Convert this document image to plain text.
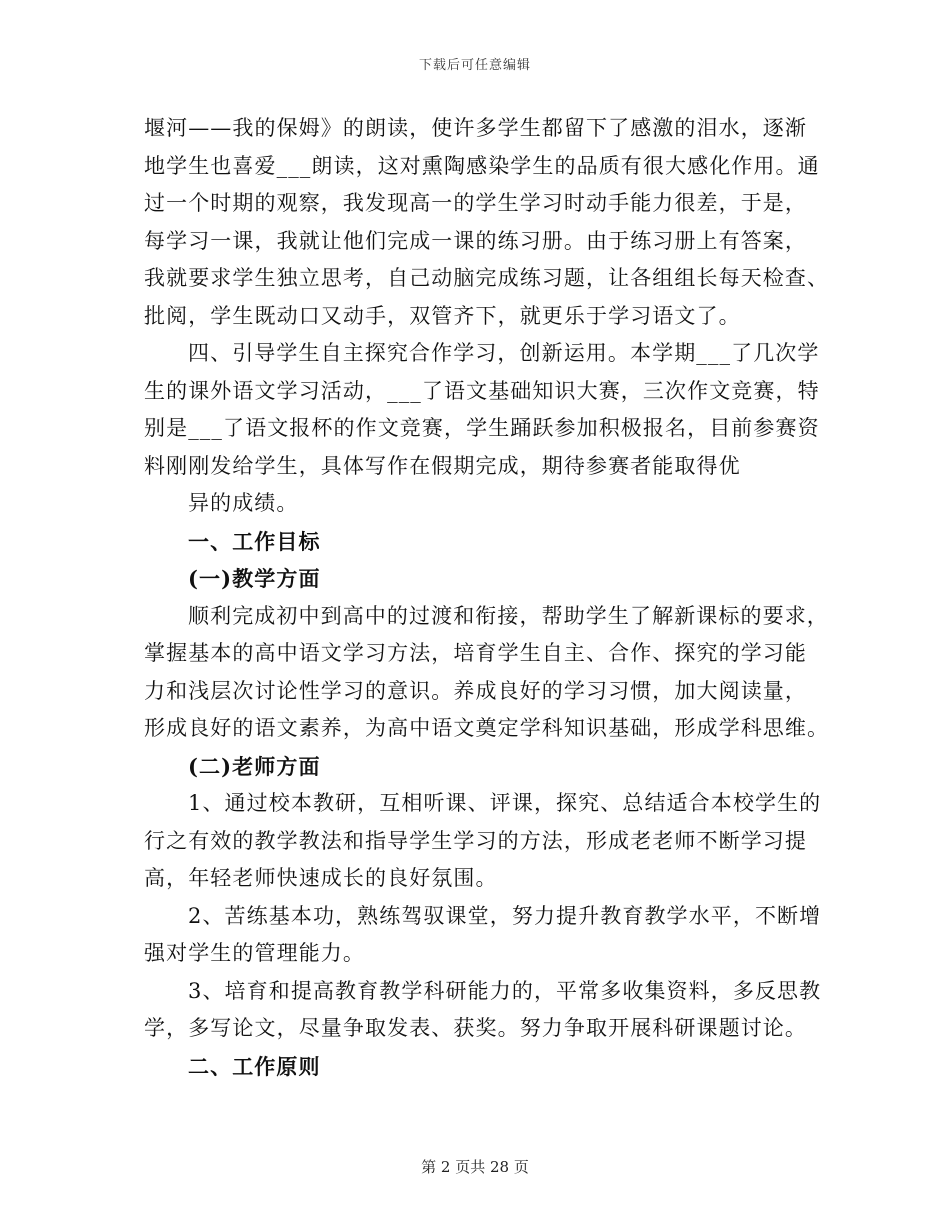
下载后可任意编辑
堰河——我的保姆》的朗读，使许多学生都留下了感激的泪水，逐渐
地学生也喜爱___朗读，这对熏陶感染学生的品质有很大感化作用。通
过一个时期的观察，我发现高一的学生学习时动手能力很差，于是，
每学习一课，我就让他们完成一课的练习册。由于练习册上有答案，
我就要求学生独立思考，自己动脑完成练习题，让各组组长每天检查、
批阅，学生既动口又动手，双管齐下，就更乐于学习语文了。
四、引导学生自主探究合作学习，创新运用。本学期___了几次学
生的课外语文学习活动，___了语文基础知识大赛，三次作文竞赛，特
别是___了语文报杯的作文竞赛，学生踊跃参加积极报名，目前参赛资
料刚刚发给学生，具体写作在假期完成，期待参赛者能取得优
异的成绩。
一、工作目标
(一)教学方面
顺利完成初中到高中的过渡和衔接，帮助学生了解新课标的要求，
掌握基本的高中语文学习方法，培育学生自主、合作、探究的学习能
力和浅层次讨论性学习的意识。养成良好的学习习惯，加大阅读量，
形成良好的语文素养，为高中语文奠定学科知识基础，形成学科思维。
(二)老师方面
1、通过校本教研，互相听课、评课，探究、总结适合本校学生的
行之有效的教学教法和指导学生学习的方法，形成老老师不断学习提
高，年轻老师快速成长的良好氛围。
2、苦练基本功，熟练驾驭课堂，努力提升教育教学水平，不断增
强对学生的管理能力。
3、培育和提高教育教学科研能力的，平常多收集资料，多反思教
学，多写论文，尽量争取发表、获奖。努力争取开展科研课题讨论。
二、工作原则
第 2 页共 28 页
